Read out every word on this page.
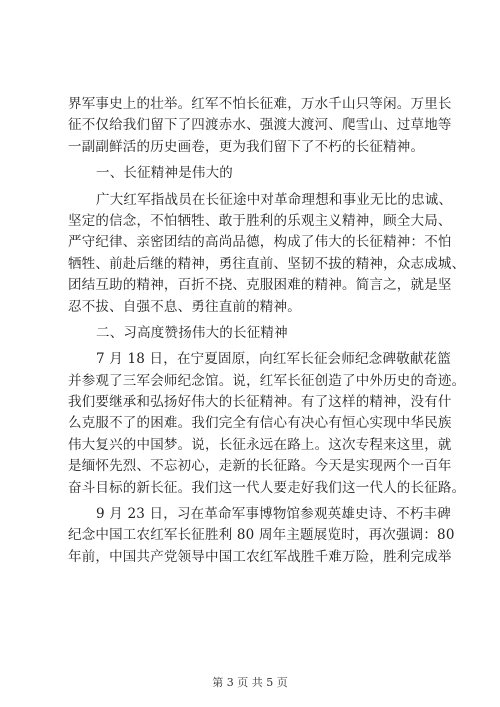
界军事史上的壮举。红军不怕长征难，万水千山只等闲。万里长
征不仅给我们留下了四渡赤水、强渡大渡河、爬雪山、过草地等
一副副鲜活的历史画卷，更为我们留下了不朽的长征精神。
一、长征精神是伟大的
广大红军指战员在长征途中对革命理想和事业无比的忠诚、
坚定的信念，不怕牺牲、敢于胜利的乐观主义精神，顾全大局、
严守纪律、亲密团结的高尚品德，构成了伟大的长征精神：不怕
牺牲、前赴后继的精神，勇往直前、坚韧不拔的精神，众志成城、
团结互助的精神，百折不挠、克服困难的精神。简言之，就是坚
忍不拔、自强不息、勇往直前的精神。
二、习高度赞扬伟大的长征精神
7 月 18 日，在宁夏固原，向红军长征会师纪念碑敬献花篮
并参观了三军会师纪念馆。说，红军长征创造了中外历史的奇迹。
我们要继承和弘扬好伟大的长征精神。有了这样的精神，没有什
么克服不了的困难。我们完全有信心有决心有恒心实现中华民族
伟大复兴的中国梦。说，长征永远在路上。这次专程来这里，就
是缅怀先烈、不忘初心，走新的长征路。今天是实现两个一百年
奋斗目标的新长征。我们这一代人要走好我们这一代人的长征路。
9 月 23 日，习在革命军事博物馆参观英雄史诗、不朽丰碑
纪念中国工农红军长征胜利 80 周年主题展览时，再次强调：80
年前，中国共产党领导中国工农红军战胜千难万险，胜利完成举
第 3 页 共 5 页
